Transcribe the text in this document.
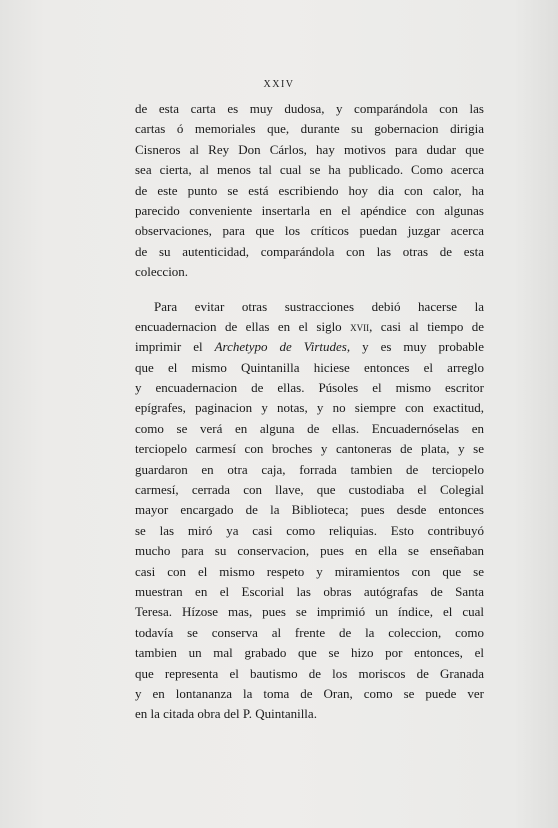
XXIV
de esta carta es muy dudosa, y comparándola con las
cartas ó memoriales que, durante su gobernacion dirigia
Cisneros al Rey Don Cárlos, hay motivos para dudar que
sea cierta, al menos tal cual se ha publicado. Como acerca
de este punto se está escribiendo hoy dia con calor, ha
parecido conveniente insertarla en el apéndice con algunas
observaciones, para que los críticos puedan juzgar acerca
de su autenticidad, comparándola con las otras de esta
coleccion.
Para evitar otras sustracciones debió hacerse la
encuadernacion de ellas en el siglo xvii, casi al tiempo de
imprimir el Archetypo de Virtudes, y es muy probable
que el mismo Quintanilla hiciese entonces el arreglo
y encuadernacion de ellas. Púsoles el mismo escritor
epígrafes, paginacion y notas, y no siempre con exactitud,
como se verá en alguna de ellas. Encuadernóselas en
terciopelo carmesí con broches y cantoneras de plata, y se
guardaron en otra caja, forrada tambien de terciopelo
carmesí, cerrada con llave, que custodiaba el Colegial
mayor encargado de la Biblioteca; pues desde entonces
se las miró ya casi como reliquias. Esto contribuyó
mucho para su conservacion, pues en ella se enseñaban
casi con el mismo respeto y miramientos con que se
muestran en el Escorial las obras autógrafas de Santa
Teresa. Hízose mas, pues se imprimió un índice, el cual
todavía se conserva al frente de la coleccion, como
tambien un mal grabado que se hizo por entonces, el
que representa el bautismo de los moriscos de Granada
y en lontananza la toma de Oran, como se puede ver
en la citada obra del P. Quintanilla.
